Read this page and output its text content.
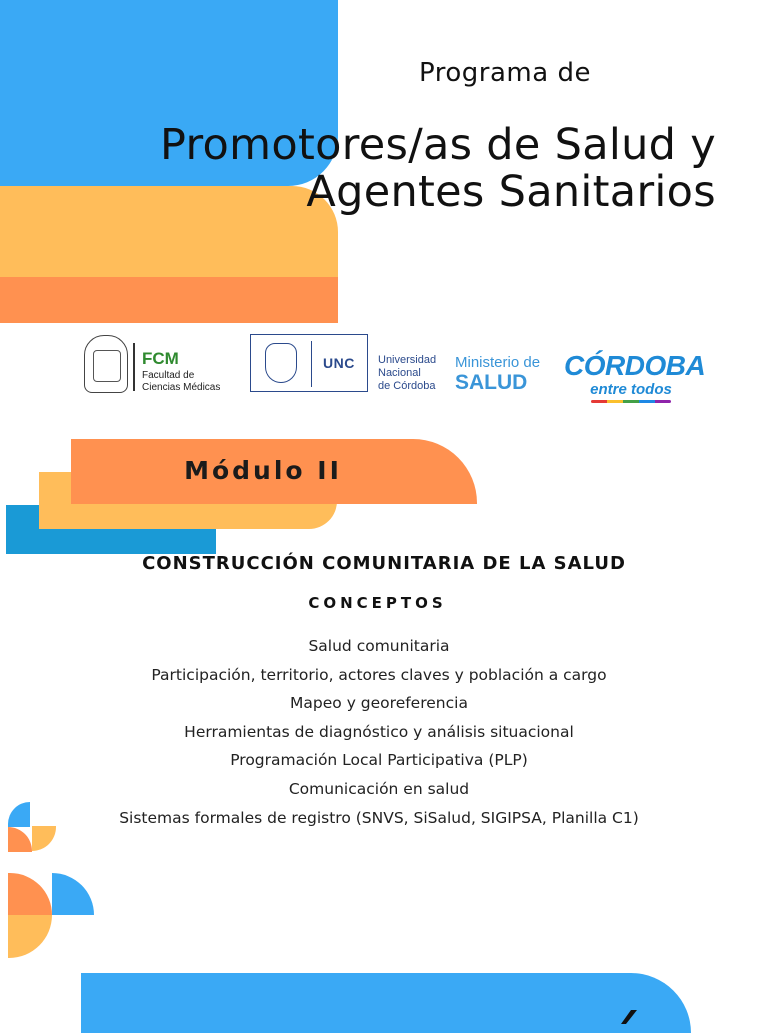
Programa de
Promotores/as de Salud y
Agentes Sanitarios
FCM
Facultad de
Ciencias Médicas
UNC Universidad
Nacional
de Córdoba
Ministerio de
SALUD
CÓRDOBA
entre todos
Módulo II
CONSTRUCCIÓN COMUNITARIA DE LA SALUD
CONCEPTOS
Salud comunitaria
Participación, territorio, actores claves y población a cargo
Mapeo y georeferencia
Herramientas de diagnóstico y análisis situacional
Programación Local Participativa (PLP)
Comunicación en salud
Sistemas formales de registro (SNVS, SiSalud, SIGIPSA, Planilla C1)
